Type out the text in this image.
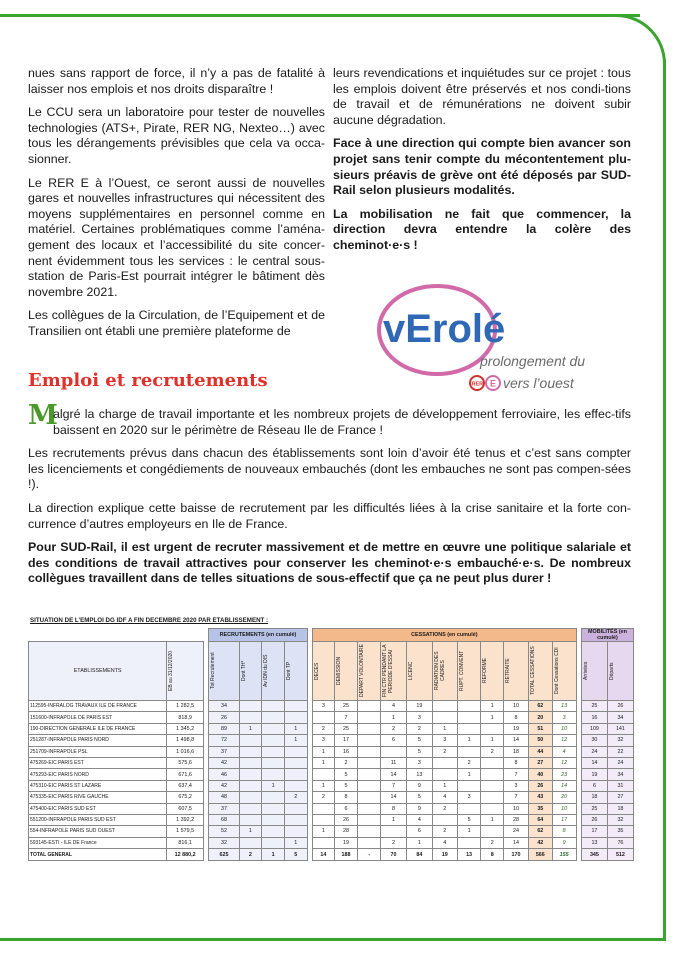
nues sans rapport de force, il n’y a pas de fatalité à laisser nos emplois et nos droits disparaître !

Le CCU sera un laboratoire pour tester de nouvelles technologies (ATS+, Pirate, RER NG, Nexteo…) avec tous les dérangements prévisibles que cela va occa-sionner.

Le RER E à l’Ouest, ce seront aussi de nouvelles gares et nouvelles infrastructures qui nécessitent des moyens supplémentaires en personnel comme en matériel. Certaines problématiques comme l’aména-gement des locaux et l’accessibilité du site concer-nent évidemment tous les services : le central sous-station de Paris-Est pourrait intégrer le bâtiment dès novembre 2021.

Les collègues de la Circulation, de l’Equipement et de Transilien ont établi une première plateforme de

leurs revendications et inquiétudes sur ce projet : tous les emplois doivent être préservés et nos condi-tions de travail et de rémunérations ne doivent subir aucune dégradation.

Face à une direction qui compte bien avancer son projet sans tenir compte du mécontentement plu-sieurs préavis de grève ont été déposés par SUD-Rail selon plusieurs modalités.

La mobilisation ne fait que commencer, la direction devra entendre la colère des cheminot·e·s !

vErolé
prolongement du
RER E vers l’ouest
Emploi et recrutements

M
algré la charge de travail importante et les nombreux projets de développement ferroviaire, les effec-tifs baissent en 2020 sur le périmètre de Réseau Ile de France !

Les recrutements prévus dans chacun des établissements sont loin d’avoir été tenus et c’est sans compter les licenciements et congédiements de nouveaux embauchés (dont les embauches ne sont pas compen-sées !).

La direction explique cette baisse de recrutement par les difficultés liées à la crise sanitaire et la forte con-currence d’autres employeurs en Ile de France.

Pour SUD-Rail, il est urgent de recruter massivement et de mettre en œuvre une politique salariale et des conditions de travail attractives pour conserver les cheminot·e·s embauché·e·s. De nombreux collègues travaillent dans de telles situations de sous-effectif que ça ne peut plus durer !

SITUATION DE L’EMPLOI DG IDF A FIN DECEMBRE 2020 PAR ETABLISSEMENT :
			RECRUTEMENTS (en cumulé)					CESSATIONS (en cumulé)												MOBILITÉS (en cumulé)	
ETABLISSEMENTS	EB au 31/12/2020		Tot Recrutement	Dont TH*	Av IDN du DIS	Dont TP		DECES	DEMISSION	DEPART VOLONTAIRE	FIN CTR PENDANT LA PERIODE D'ESSAI	LICENC	RADIATION DES CADRES	RUPT. CONVENT	REFORME	RETRAITE	TOTAL CESSATIONS	Dont Cessations CDI		Arrivées	Départs

112595-INFRALOG TRAVAUX ILE DE FRANCE	1 282,5		34					3	25		4	19			1	10	62	13		25	26
151600-INFRAPOLE DE PARIS EST	818,9		26						7		1	3			1	8	20	3		16	34
190-DIRECTION GENERALE ILE DE FRANCE	1 345,2		89	1		1		2	25		2	2	1			19	51	10		109	141
251287-INFRAPOLE PARIS NORD	1 498,8		72			1		3	17		6	5	3	1	1	14	50	12		30	32
251709-INFRAPOLE PSL	1 016,6		37					1	16			5	2		2	18	44	4		24	22
475269-EIC PARIS EST	575,6		42					1	2		11	3		2		8	27	12		14	24
475293-EIC PARIS NORD	671,6		46						5		14	13		1		7	40	23		19	34
475310-EIC PARIS ST LAZARE	637,4		42		1			1	5		7	9	1			3	26	14		6	31
475335-EIC PARIS RIVE GAUCHE	675,2		48			2		2	8		14	5	4	3		7	43	20		18	27
475400-EIC PARIS SUD EST	607,5		37						6		8	9	2			10	35	10		25	18
551200-INFRAPOLE PARIS SUD EST	1 392,2		68						26		1	4		5	1	28	64	17		26	32
554-INFRAPOLE PARIS SUD OUEST	1 579,5		52	1				1	28			6	2	1		24	62	8		17	35
593145-ESTI - ILE DE France	816,1		32			1			19		2	1	4		2	14	42	9		13	76
TOTAL GENERAL	12 880,2		625	2	1	5		14	188	-	70	84	19	13	8	170	566	155		345	512
